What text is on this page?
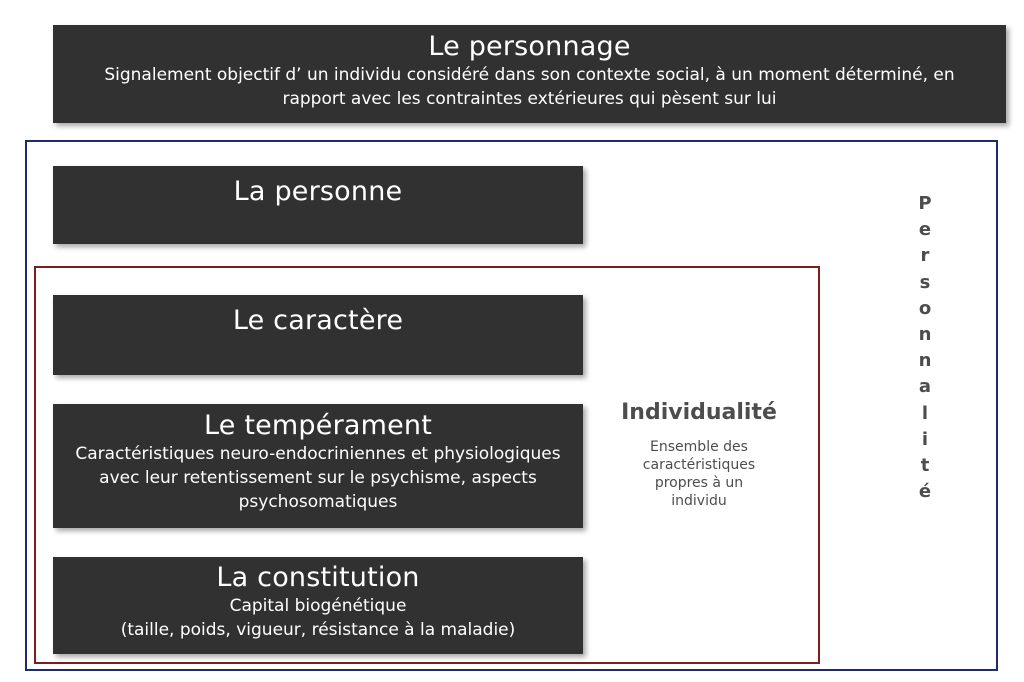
Le personnage
Signalement objectif d’ un individu considéré dans son contexte social, à un moment déterminé, en rapport avec les contraintes extérieures qui pèsent sur lui
La personne
Le caractère
Le tempérament
Caractéristiques neuro-endocriniennes et physiologiques avec leur retentissement sur le psychisme, aspects psychosomatiques
La constitution
Capital biogénétique
(taille, poids, vigueur, résistance à la maladie)
Individualité
Ensemble des caractéristiques propres à un individu
P
e
r
s
o
n
n
a
l
i
t
é
